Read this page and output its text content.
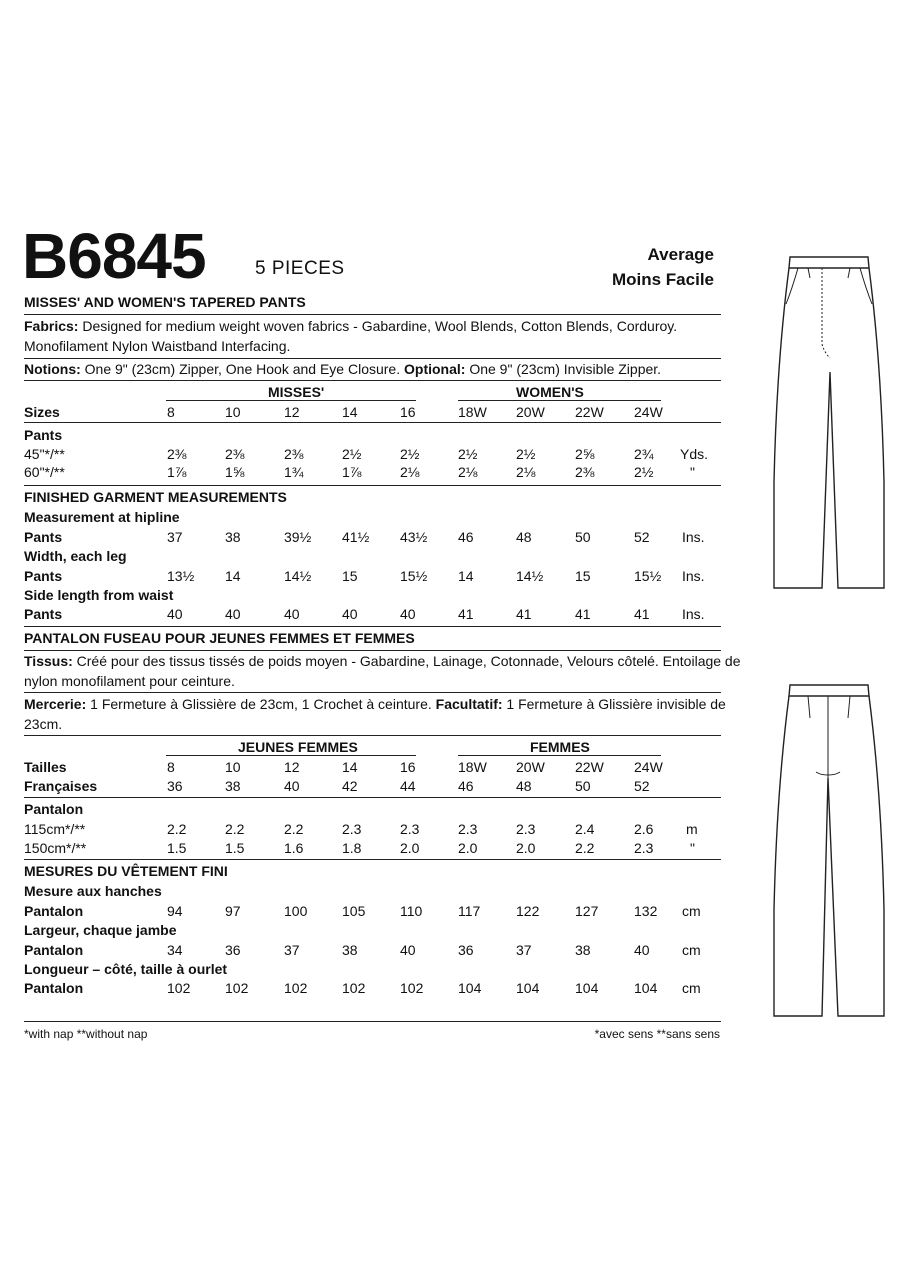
B6845	5 PIECES
Average
Moins Facile
MISSES' AND WOMEN'S TAPERED PANTS
Fabrics: Designed for medium weight woven fabrics - Gabardine, Wool Blends, Cotton Blends, Corduroy.
Monofilament Nylon Waistband Interfacing.
Notions: One 9" (23cm) Zipper, One Hook and Eye Closure. Optional: One 9" (23cm) Invisible Zipper.
MISSES'	WOMEN'S
Sizes	8	10	12	14	16	18W 20W 22W 24W
Pants
45"*/**	2⅜	2⅜	2⅜	2½	2½	2½	2½	2⅝	2¾ Yds.
60"*/**	1⅞	1⅝	1¾	1⅞	2⅛	2⅛	2⅛	2⅜	2½	"
FINISHED GARMENT MEASUREMENTS
Measurement at hipline
Pants	37	38	39½ 41½ 43½ 46	48	50	52 Ins.
Width, each leg
Pants	13½ 14	14½ 15	15½ 14	14½ 15	15½ Ins.
Side length from waist
Pants	40	40	40	40	40	41	41	41	41 Ins.
PANTALON FUSEAU POUR JEUNES FEMMES ET FEMMES
Tissus: Créé pour des tissus tissés de poids moyen - Gabardine, Lainage, Cotonnade, Velours côtelé. Entoilage de
nylon monofilament pour ceinture.
Mercerie: 1 Fermeture à Glissière de 23cm, 1 Crochet à ceinture. Facultatif: 1 Fermeture à Glissière invisible de
23cm.
JEUNES FEMMES	FEMMES
Tailles	8	10	12	14	16	18W 20W 22W 24W
Françaises	36	38	40	42	44	46	48	50	52
Pantalon
115cm*/**	2.2	2.2	2.2	2.3	2.3	2.3	2.3	2.4	2.6 m
150cm*/**	1.5	1.5	1.6	1.8	2.0	2.0	2.0	2.2	2.3	"
MESURES DU VÊTEMENT FINI
Mesure aux hanches
Pantalon	94	97	100 105 110	117	122	127	132 cm
Largeur, chaque jambe
Pantalon	34	36	37	38	40	36	37	38	40 cm
Longueur – côté, taille à ourlet
Pantalon	102 102	102 102 102 104 104	104	104 cm
*with nap **without nap	*avec sens **sans sens
